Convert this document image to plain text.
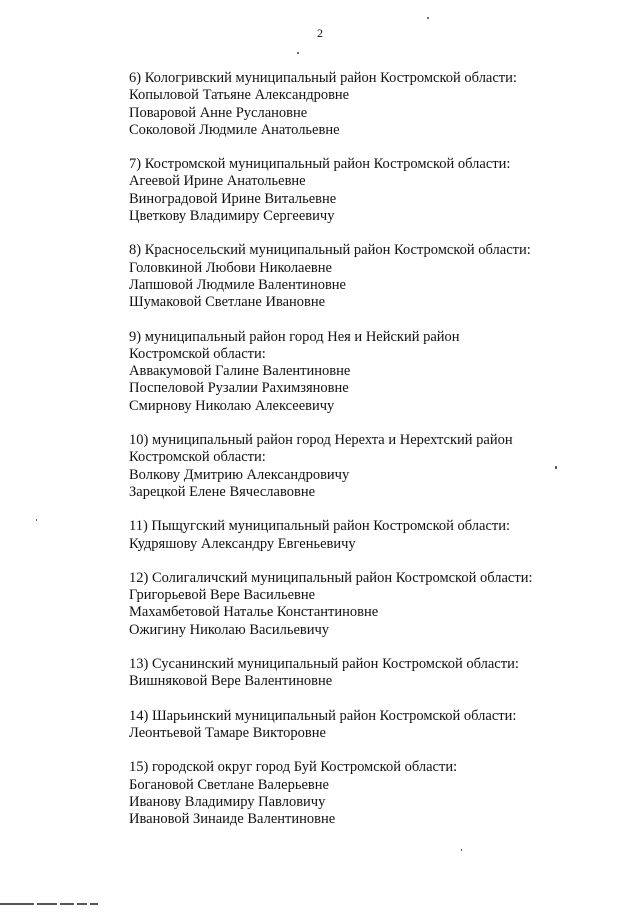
2
6) Кологривский муниципальный район Костромской области:
Копыловой Татьяне Александровне
Поваровой Анне Руслановне
Соколовой Людмиле Анатольевне
7) Костромской муниципальный район Костромской области:
Агеевой Ирине Анатольевне
Виноградовой Ирине Витальевне
Цветкову Владимиру Сергеевичу
8) Красносельский муниципальный район Костромской области:
Головкиной Любови Николаевне
Лапшовой Людмиле Валентиновне
Шумаковой Светлане Ивановне
9) муниципальный район город Нея и Нейский район
Костромской области:
Аввакумовой Галине Валентиновне
Поспеловой Рузалии Рахимзяновне
Смирнову Николаю Алексеевичу
10) муниципальный район город Нерехта и Нерехтский район
Костромской области:
Волкову Дмитрию Александровичу
Зарецкой Елене Вячеславовне
11) Пыщугский муниципальный район Костромской области:
Кудряшову Александру Евгеньевичу
12) Солигаличский муниципальный район Костромской области:
Григорьевой Вере Васильевне
Махамбетовой Наталье Константиновне
Ожигину Николаю Васильевичу
13) Сусанинский муниципальный район Костромской области:
Вишняковой Вере Валентиновне
14) Шарьинский муниципальный район Костромской области:
Леонтьевой Тамаре Викторовне
15) городской округ город Буй Костромской области:
Богановой Светлане Валерьевне
Иванову Владимиру Павловичу
Ивановой Зинаиде Валентиновне
